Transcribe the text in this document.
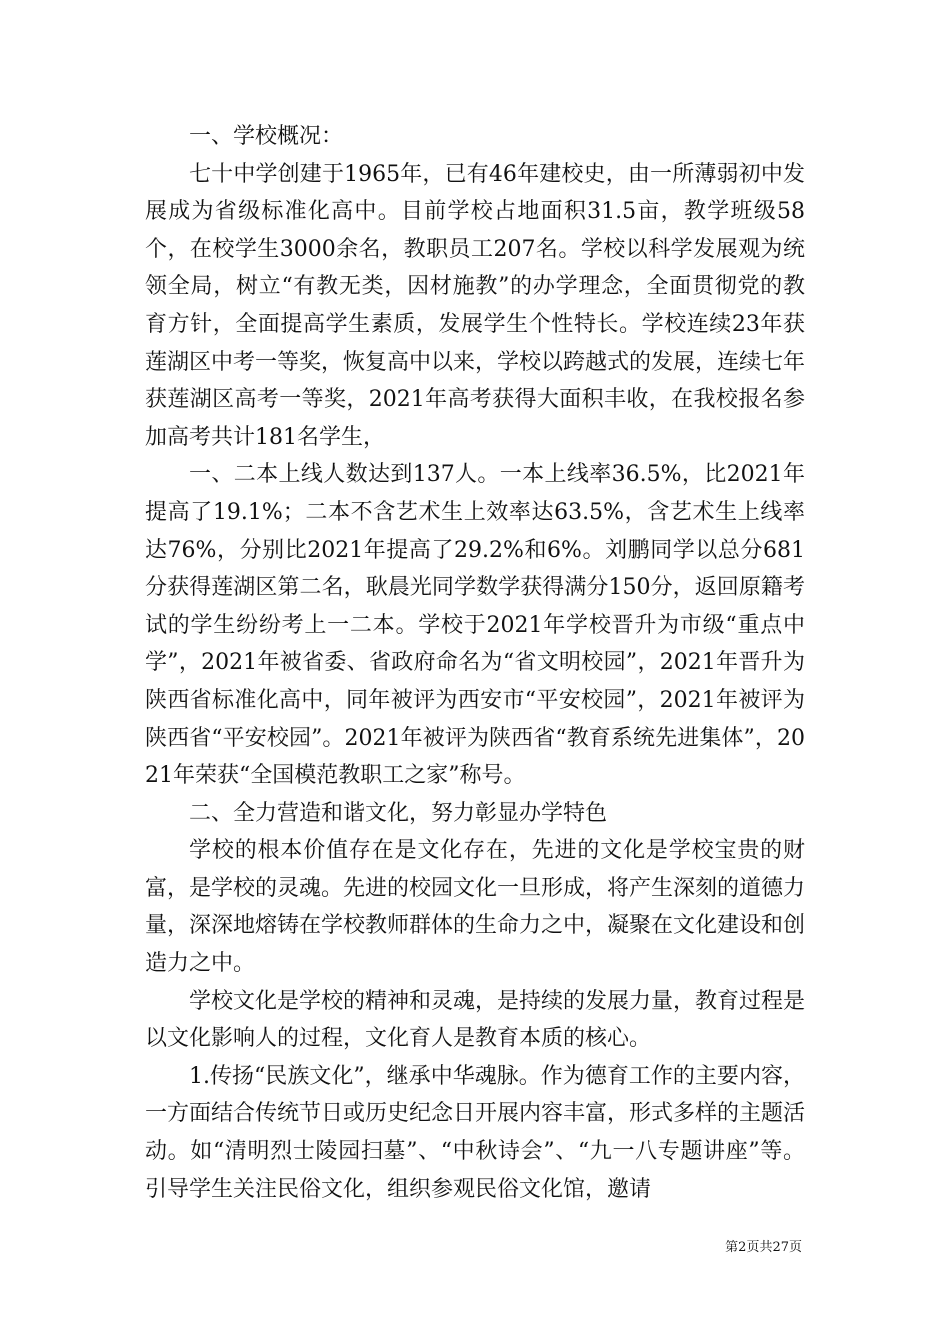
一、学校概况：

七十中学创建于1965年，已有46年建校史，由一所薄弱初中发展成为省级标准化高中。目前学校占地面积31.5亩，教学班级58个，在校学生3000余名，教职员工207名。学校以科学发展观为统领全局，树立“有教无类，因材施教”的办学理念，全面贯彻党的教育方针，全面提高学生素质，发展学生个性特长。学校连续23年获莲湖区中考一等奖，恢复高中以来，学校以跨越式的发展，连续七年获莲湖区高考一等奖，2021年高考获得大面积丰收，在我校报名参加高考共计181名学生，

一、二本上线人数达到137人。一本上线率36.5%，比2021年提高了19.1%；二本不含艺术生上效率达63.5%，含艺术生上线率达76%，分别比2021年提高了29.2%和6%。刘鹏同学以总分681分获得莲湖区第二名，耿晨光同学数学获得满分150分，返回原籍考试的学生纷纷考上一二本。学校于2021年学校晋升为市级“重点中学”，2021年被省委、省政府命名为“省文明校园”，2021年晋升为陕西省标准化高中，同年被评为西安市“平安校园”，2021年被评为陕西省“平安校园”。2021年被评为陕西省“教育系统先进集体”，2021年荣获“全国模范教职工之家”称号。

二、全力营造和谐文化，努力彰显办学特色

学校的根本价值存在是文化存在，先进的文化是学校宝贵的财富，是学校的灵魂。先进的校园文化一旦形成，将产生深刻的道德力量，深深地熔铸在学校教师群体的生命力之中，凝聚在文化建设和创造力之中。

学校文化是学校的精神和灵魂，是持续的发展力量，教育过程是以文化影响人的过程，文化育人是教育本质的核心。

1.传扬“民族文化”，继承中华魂脉。作为德育工作的主要内容，一方面结合传统节日或历史纪念日开展内容丰富，形式多样的主题活动。如“清明烈士陵园扫墓”、“中秋诗会”、“九一八专题讲座”等。引导学生关注民俗文化，组织参观民俗文化馆，邀请

第2页共27页
